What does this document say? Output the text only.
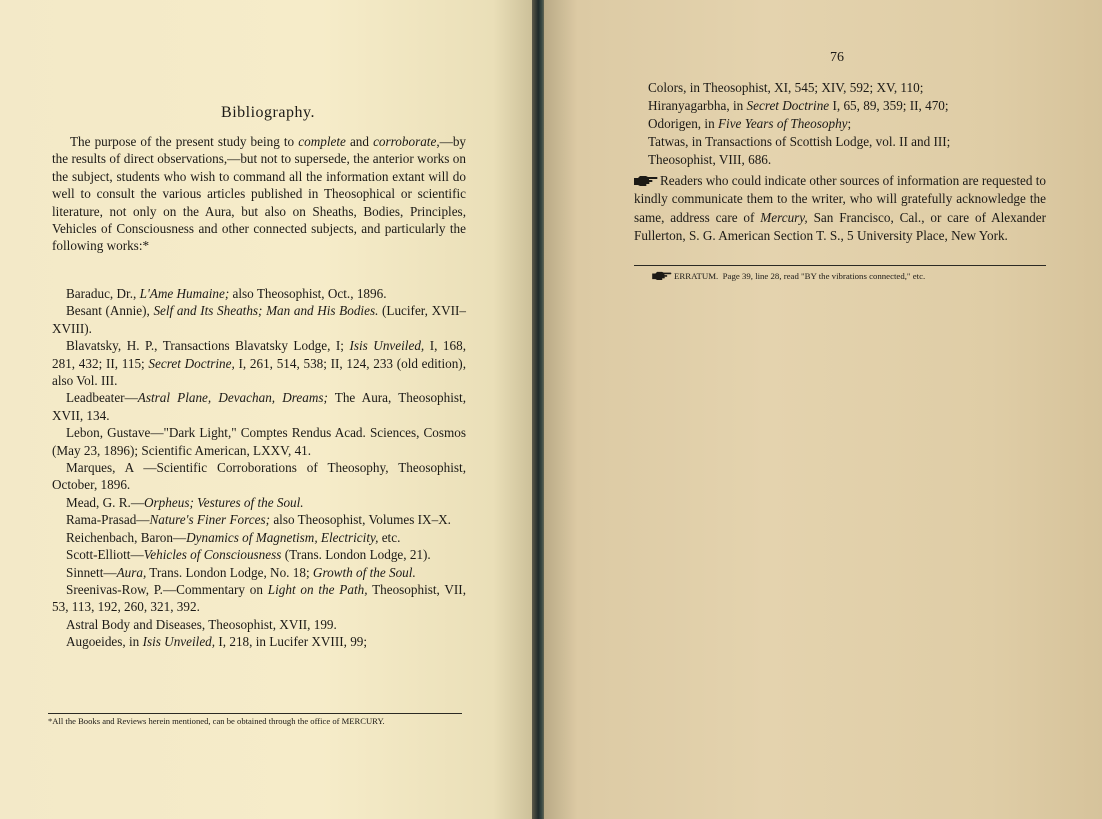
Bibliography.

The purpose of the present study being to complete and corroborate,—by the results of direct observations,—but not to supersede, the anterior works on the subject, students who wish to command all the information extant will do well to consult the various articles published in Theosophical or scientific literature, not only on the Aura, but also on Sheaths, Bodies, Principles, Vehicles of Consciousness and other connected subjects, and particularly the following works:*

Baraduc, Dr., L'Ame Humaine; also Theosophist, Oct., 1896.
Besant (Annie), Self and Its Sheaths; Man and His Bodies. (Lucifer, XVII–XVIII).
Blavatsky, H. P., Transactions Blavatsky Lodge, I; Isis Unveiled, I, 168, 281, 432; II, 115; Secret Doctrine, I, 261, 514, 538; II, 124, 233 (old edition), also Vol. III.
Leadbeater—Astral Plane, Devachan, Dreams; The Aura, Theosophist, XVII, 134.
Lebon, Gustave—"Dark Light," Comptes Rendus Acad. Sciences, Cosmos (May 23, 1896); Scientific American, LXXV, 41.
Marques, A —Scientific Corroborations of Theosophy, Theosophist, October, 1896.
Mead, G. R.—Orpheus; Vestures of the Soul.
Rama-Prasad—Nature's Finer Forces; also Theosophist, Volumes IX–X.
Reichenbach, Baron—Dynamics of Magnetism, Electricity, etc.
Scott-Elliott—Vehicles of Consciousness (Trans. London Lodge, 21).
Sinnett—Aura, Trans. London Lodge, No. 18; Growth of the Soul.
Sreenivas-Row, P.—Commentary on Light on the Path, Theosophist, VII, 53, 113, 192, 260, 321, 392.
Astral Body and Diseases, Theosophist, XVII, 199.
Augoeides, in Isis Unveiled, I, 218, in Lucifer XVIII, 99;

*All the Books and Reviews herein mentioned, can be obtained through the office of MERCURY.

76
Colors, in Theosophist, XI, 545; XIV, 592; XV, 110;
Hiranyagarbha, in Secret Doctrine I, 65, 89, 359; II, 470;
Odorigen, in Five Years of Theosophy;
Tatwas, in Transactions of Scottish Lodge, vol. II and III;
Theosophist, VIII, 686.

Readers who could indicate other sources of information are requested to kindly communicate them to the writer, who will gratefully acknowledge the same, address care of Mercury, San Francisco, Cal., or care of Alexander Fullerton, S. G. American Section T. S., 5 University Place, New York.

ERRATUM. Page 39, line 28, read "BY the vibrations connected," etc.
